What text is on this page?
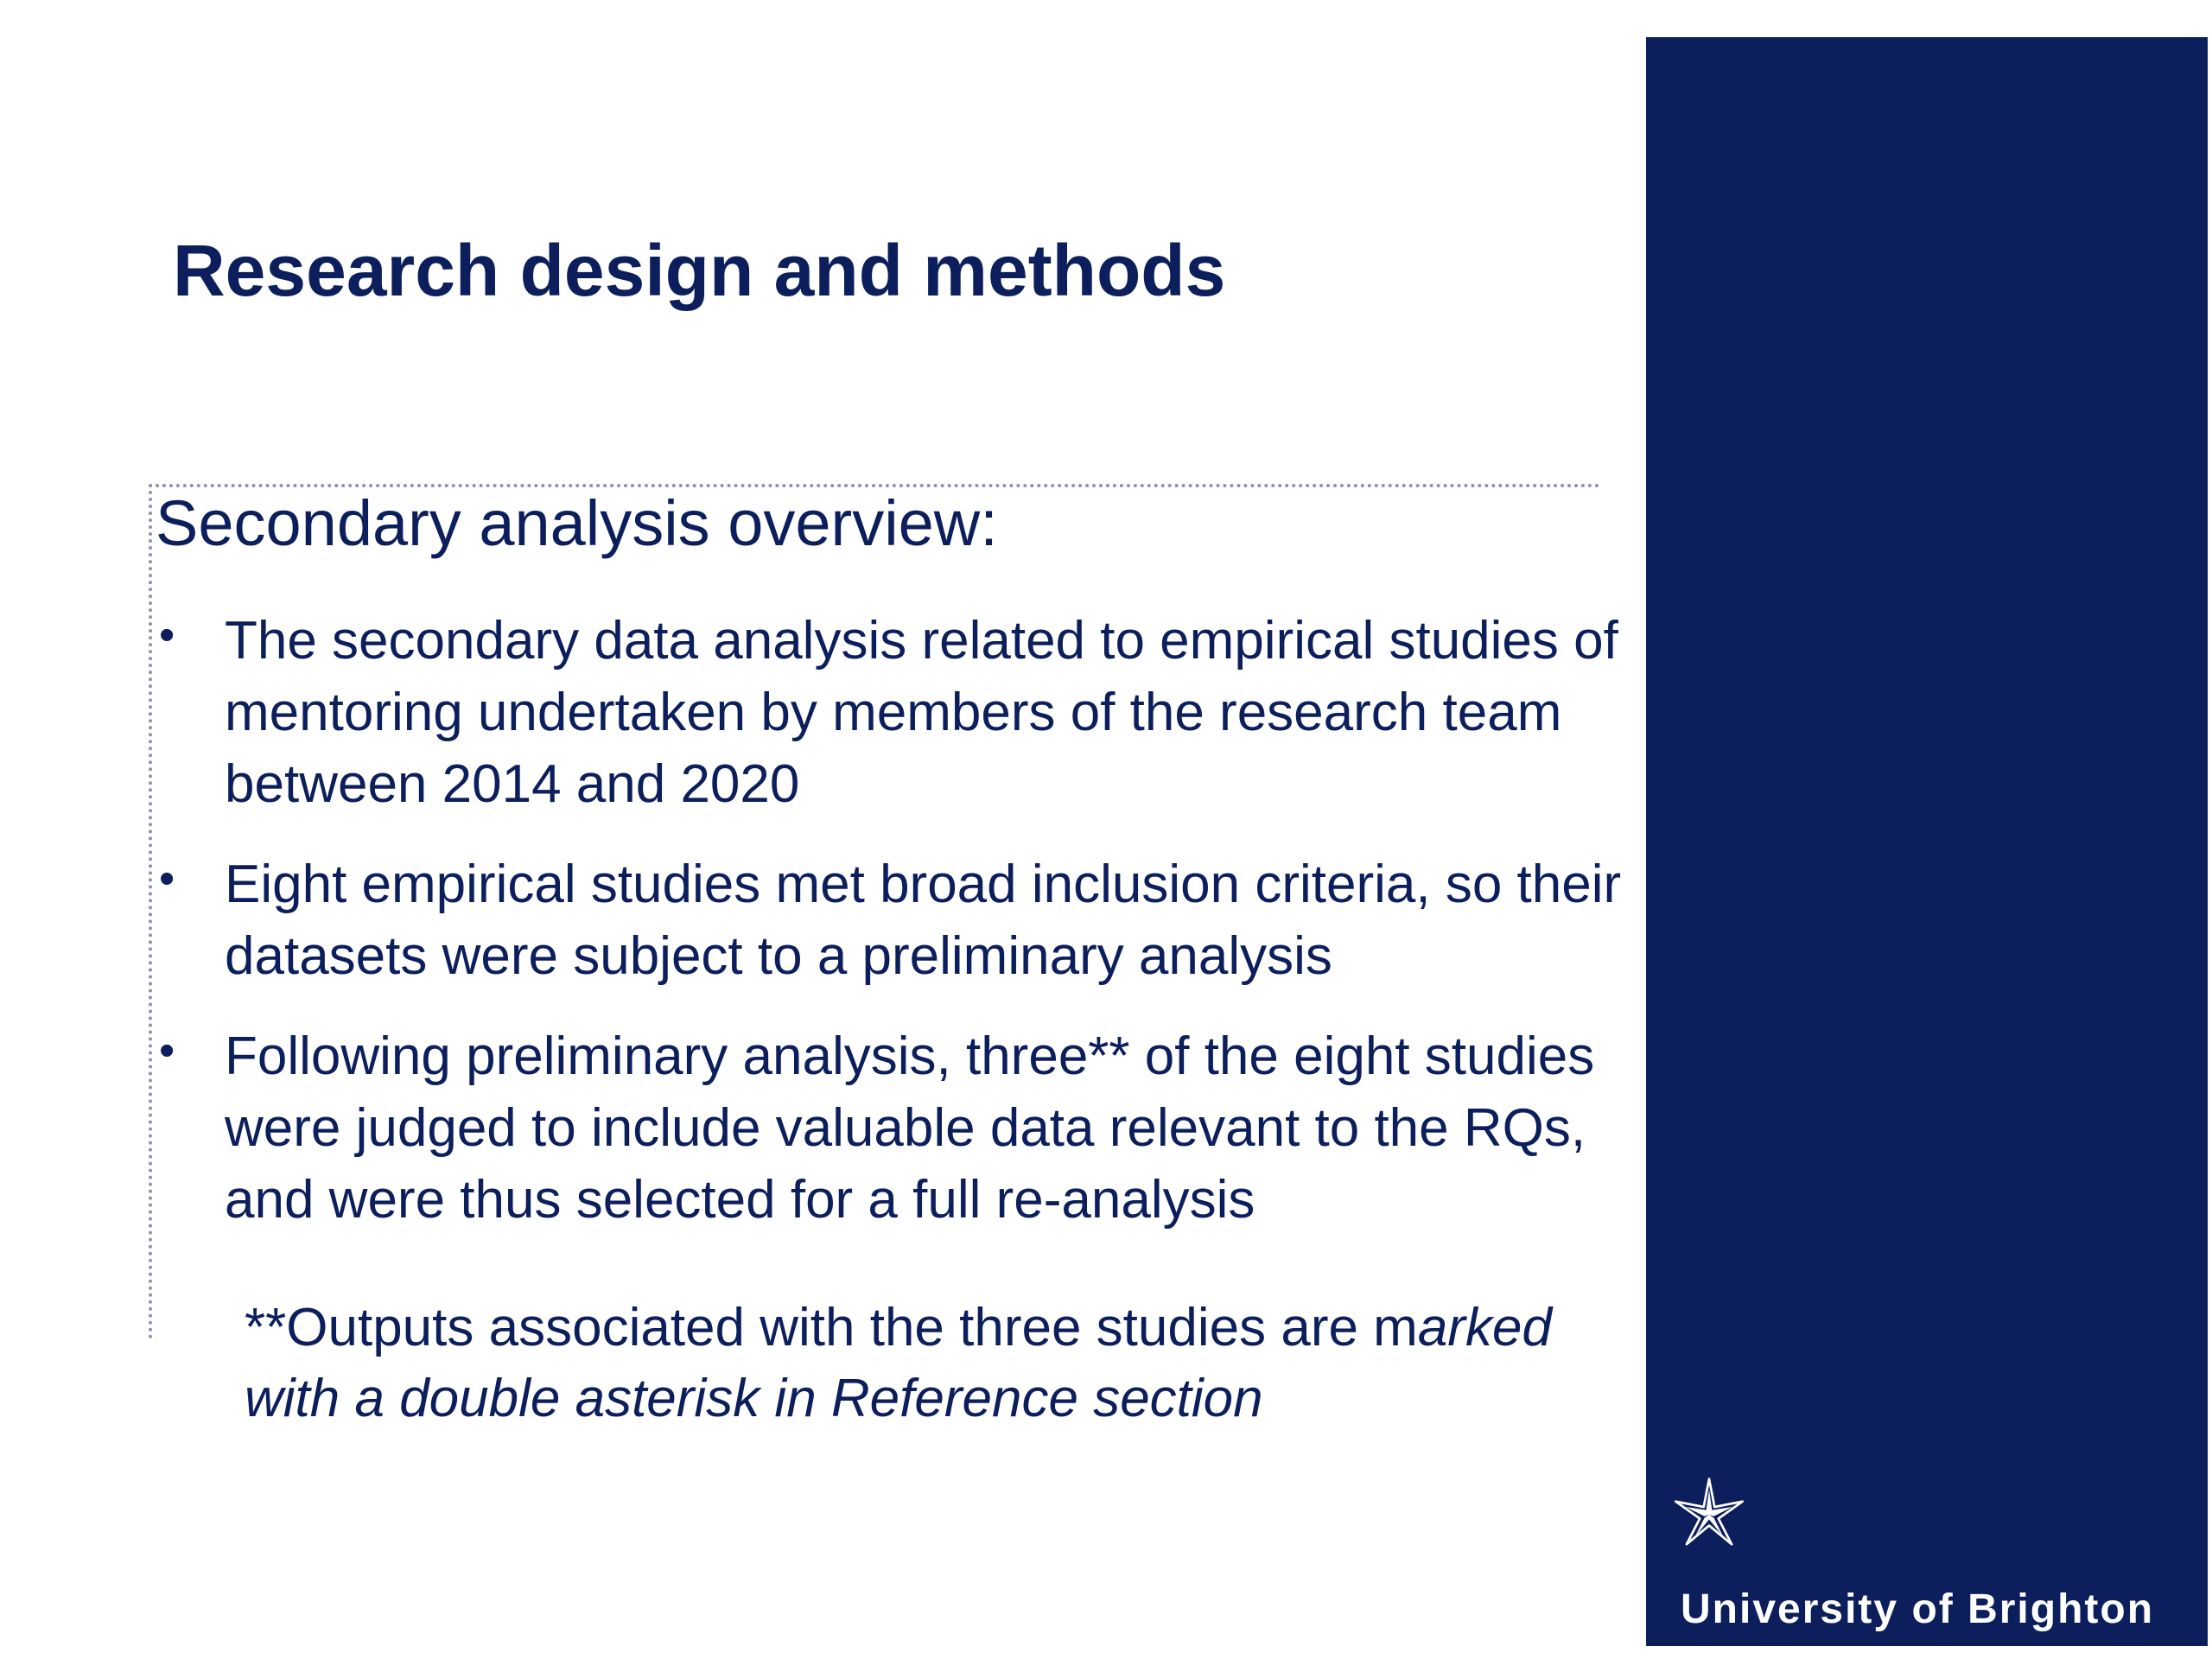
Research design and methods
Secondary analysis overview:
• The secondary data analysis related to empirical studies of mentoring undertaken by members of the research team between 2014 and 2020
• Eight empirical studies met broad inclusion criteria, so their datasets were subject to a preliminary analysis
• Following preliminary analysis, three** of the eight studies were judged to include valuable data relevant to the RQs, and were thus selected for a full re-analysis

**Outputs associated with the three studies are marked with a double asterisk in Reference section

University of Brighton
